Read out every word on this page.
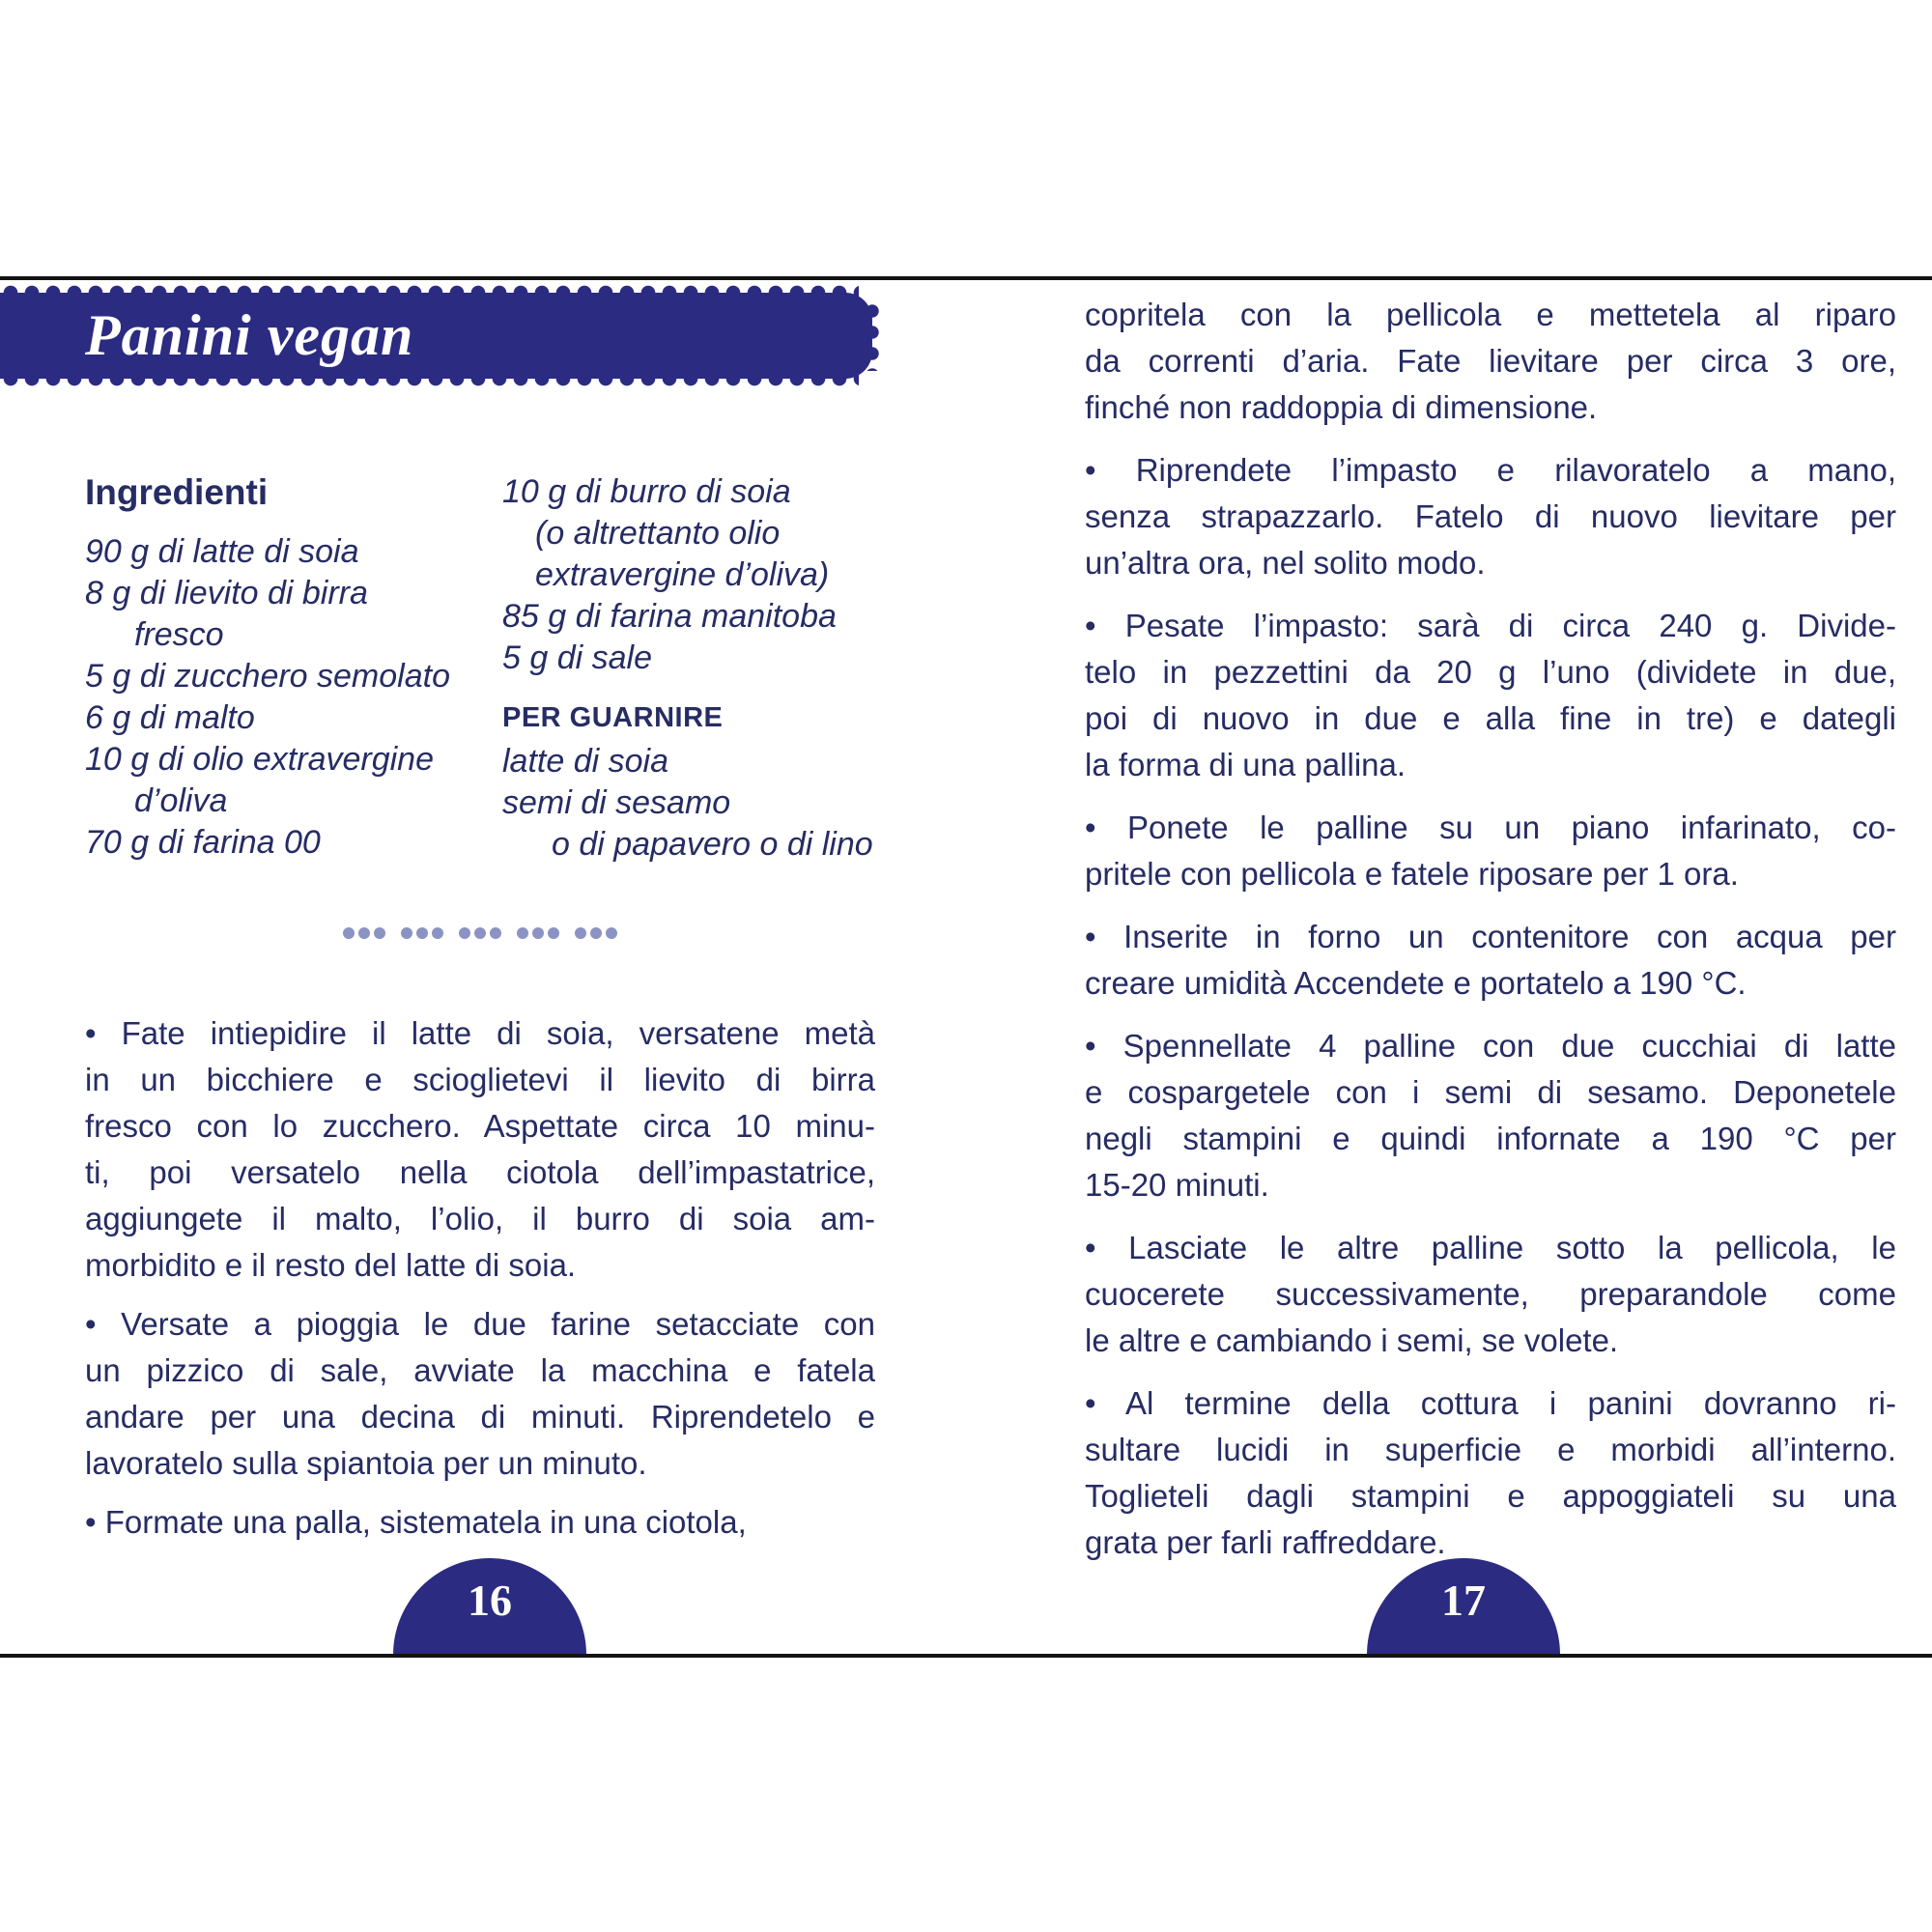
Panini vegan
Ingredienti
90 g di latte di soia
8 g di lievito di birra
  fresco
5 g di zucchero semolato
6 g di malto
10 g di olio extravergine
  d’oliva
70 g di farina 00
10 g di burro di soia
 (o altrettanto olio
 extravergine d’oliva)
85 g di farina manitoba
5 g di sale
PER GUARNIRE
latte di soia
semi di sesamo
  o di papavero o di lino
• Fate intiepidire il latte di soia, versatene metà
in un bicchiere e scioglietevi il lievito di birra
fresco con lo zucchero. Aspettate circa 10 minu-
ti, poi versatelo nella ciotola dell’impastatrice,
aggiungete il malto, l’olio, il burro di soia am-
morbidito e il resto del latte di soia.
• Versate a pioggia le due farine setacciate con
un pizzico di sale, avviate la macchina e fatela
andare per una decina di minuti. Riprendetelo e
lavoratelo sulla spiantoia per un minuto.
• Formate una palla, sistematela in una ciotola,
copritela con la pellicola e mettetela al riparo
da correnti d’aria. Fate lievitare per circa 3 ore,
finché non raddoppia di dimensione.
• Riprendete l’impasto e rilavoratelo a mano,
senza strapazzarlo. Fatelo di nuovo lievitare per
un’altra ora, nel solito modo.
• Pesate l’impasto: sarà di circa 240 g. Divide-
telo in pezzettini da 20 g l’uno (dividete in due,
poi di nuovo in due e alla fine in tre) e dategli
la forma di una pallina.
• Ponete le palline su un piano infarinato, co-
pritele con pellicola e fatele riposare per 1 ora.
• Inserite in forno un contenitore con acqua per
creare umidità Accendete e portatelo a 190 °C.
• Spennellate 4 palline con due cucchiai di latte
e cospargetele con i semi di sesamo. Deponetele
negli stampini e quindi infornate a 190 °C per
15-20 minuti.
• Lasciate le altre palline sotto la pellicola, le
cuocerete successivamente, preparandole come
le altre e cambiando i semi, se volete.
• Al termine della cottura i panini dovranno ri-
sultare lucidi in superficie e morbidi all’interno.
Toglieteli dagli stampini e appoggiateli su una
grata per farli raffreddare.
16	17
